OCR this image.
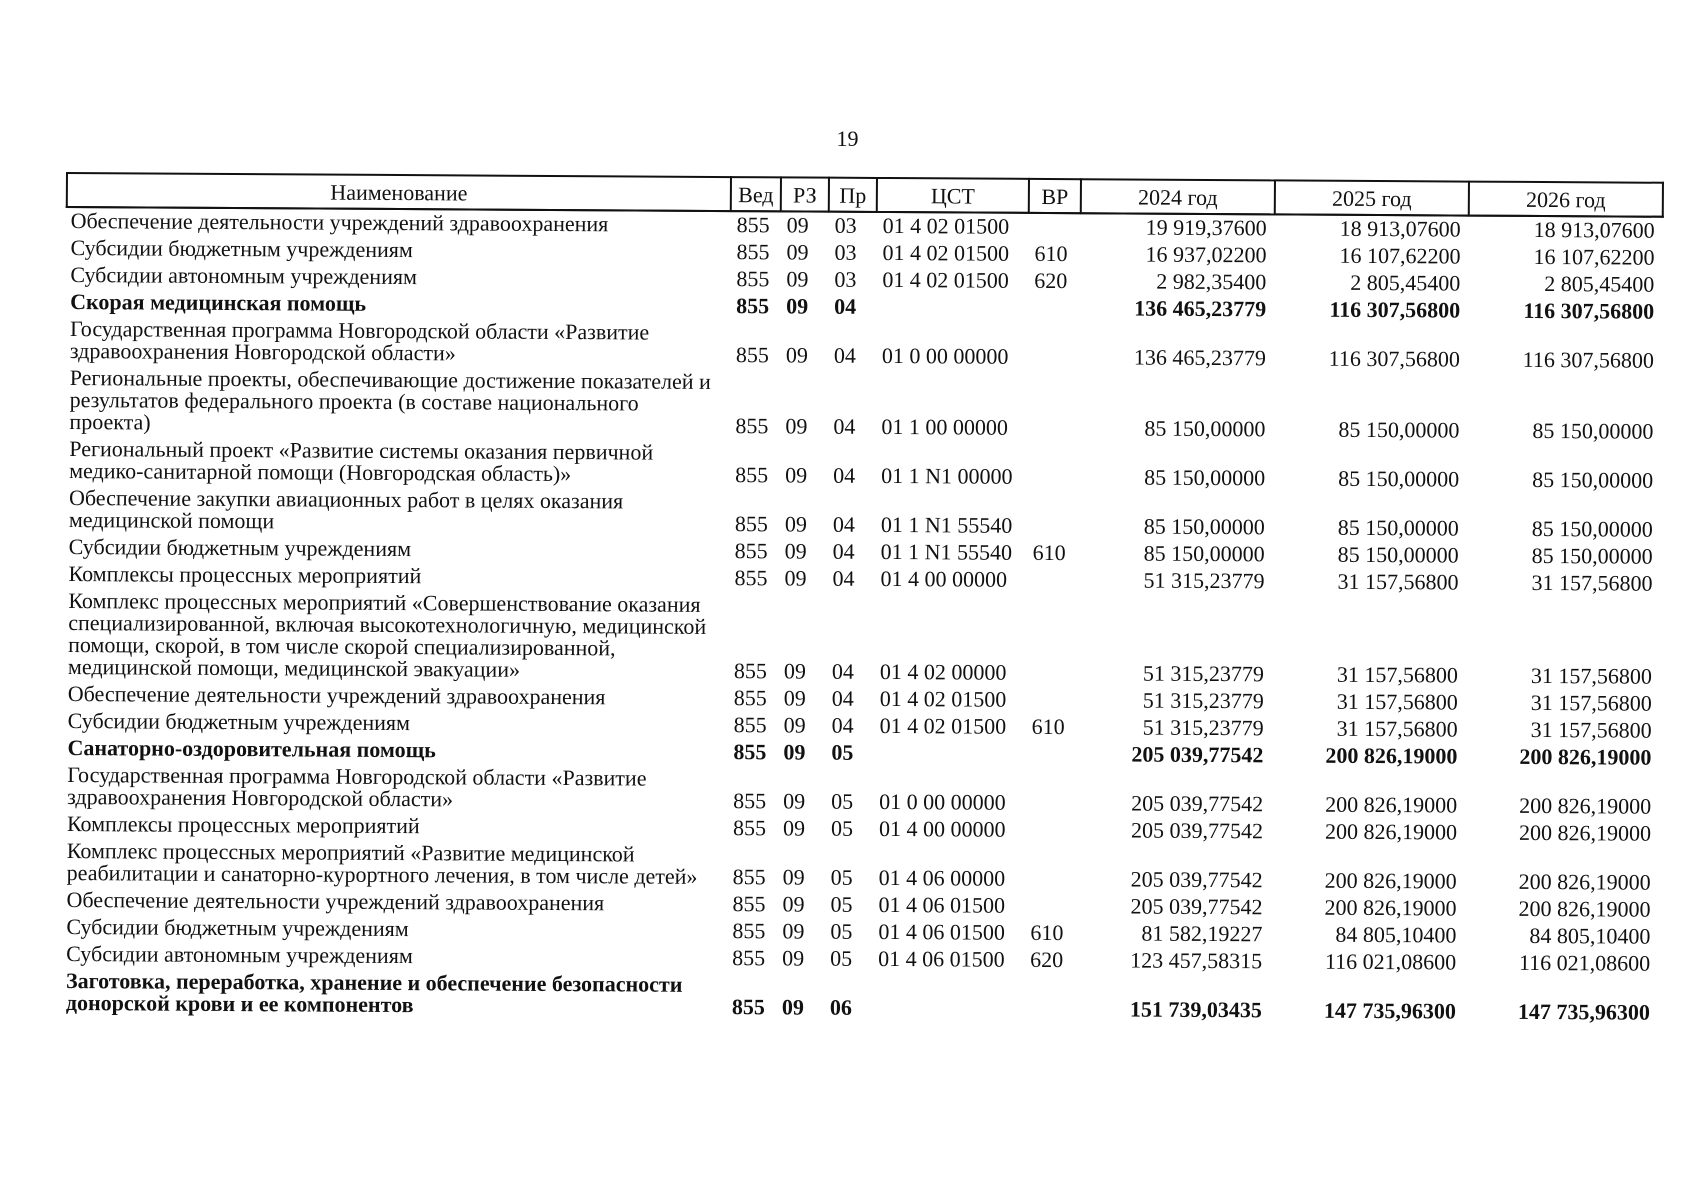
19
Наименование	Вед	РЗ	Пр	ЦСТ	ВР	2024 год	2025 год	2026 год
Обеспечение деятельности учреждений здравоохранения	855	09	03	01 4 02 01500		19 919,37600	18 913,07600	18 913,07600
Субсидии бюджетным учреждениям	855	09	03	01 4 02 01500	610	16 937,02200	16 107,62200	16 107,62200
Субсидии автономным учреждениям	855	09	03	01 4 02 01500	620	2 982,35400	2 805,45400	2 805,45400
Скорая медицинская помощь	855	09	04			136 465,23779	116 307,56800	116 307,56800
Государственная программа Новгородской области «Развитие здравоохранения Новгородской области»	855	09	04	01 0 00 00000		136 465,23779	116 307,56800	116 307,56800
Региональные проекты, обеспечивающие достижение показателей и результатов федерального проекта (в составе национального проекта)	855	09	04	01 1 00 00000		85 150,00000	85 150,00000	85 150,00000
Региональный проект «Развитие системы оказания первичной медико-санитарной помощи (Новгородская область)»	855	09	04	01 1 N1 00000		85 150,00000	85 150,00000	85 150,00000
Обеспечение закупки авиационных работ в целях оказания медицинской помощи	855	09	04	01 1 N1 55540		85 150,00000	85 150,00000	85 150,00000
Субсидии бюджетным учреждениям	855	09	04	01 1 N1 55540	610	85 150,00000	85 150,00000	85 150,00000
Комплексы процессных мероприятий	855	09	04	01 4 00 00000		51 315,23779	31 157,56800	31 157,56800
Комплекс процессных мероприятий «Совершенствование оказания специализированной, включая высокотехнологичную, медицинской помощи, скорой, в том числе скорой специализированной, медицинской помощи, медицинской эвакуации»	855	09	04	01 4 02 00000		51 315,23779	31 157,56800	31 157,56800
Обеспечение деятельности учреждений здравоохранения	855	09	04	01 4 02 01500		51 315,23779	31 157,56800	31 157,56800
Субсидии бюджетным учреждениям	855	09	04	01 4 02 01500	610	51 315,23779	31 157,56800	31 157,56800
Санаторно-оздоровительная помощь	855	09	05			205 039,77542	200 826,19000	200 826,19000
Государственная программа Новгородской области «Развитие здравоохранения Новгородской области»	855	09	05	01 0 00 00000		205 039,77542	200 826,19000	200 826,19000
Комплексы процессных мероприятий	855	09	05	01 4 00 00000		205 039,77542	200 826,19000	200 826,19000
Комплекс процессных мероприятий «Развитие медицинской реабилитации и санаторно-курортного лечения, в том числе детей»	855	09	05	01 4 06 00000		205 039,77542	200 826,19000	200 826,19000
Обеспечение деятельности учреждений здравоохранения	855	09	05	01 4 06 01500		205 039,77542	200 826,19000	200 826,19000
Субсидии бюджетным учреждениям	855	09	05	01 4 06 01500	610	81 582,19227	84 805,10400	84 805,10400
Субсидии автономным учреждениям	855	09	05	01 4 06 01500	620	123 457,58315	116 021,08600	116 021,08600
Заготовка, переработка, хранение и обеспечение безопасности донорской крови и ее компонентов	855	09	06			151 739,03435	147 735,96300	147 735,96300
